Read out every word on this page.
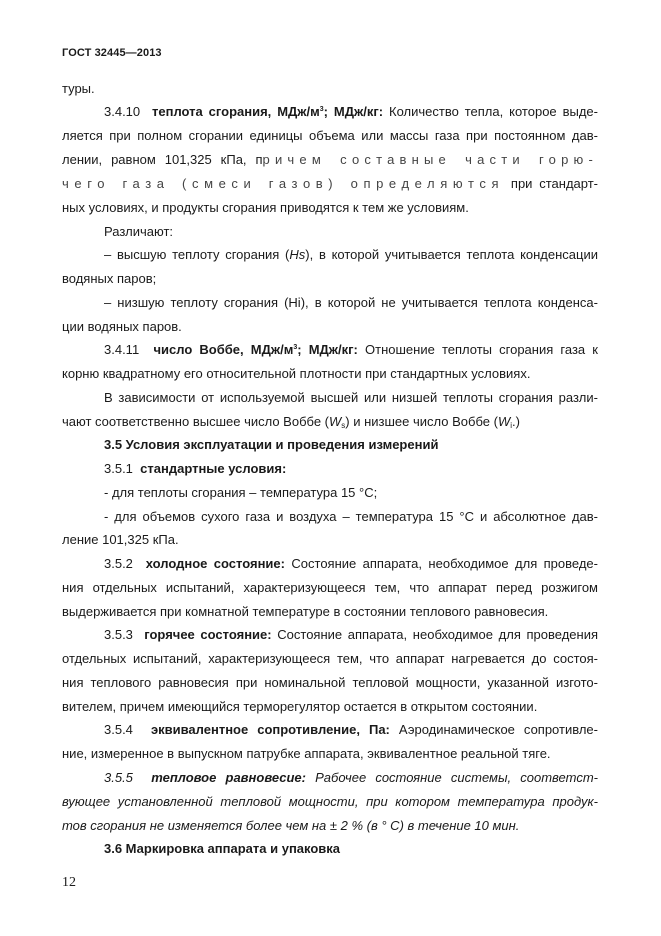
ГОСТ 32445—2013
туры.
3.4.10 теплота сгорания, МДж/$м^3$; МДж/кг: Количество тепла, которое выде-
ляется при полном сгорании единицы объема или массы газа при постоянном дав-
лении, равном 101,325 кПа, причем составные части горю-
чего газа (смеси газов) определяются при стандарт-
ных условиях, и продукты сгорания приводятся к тем же условиям.
Различают:
– высшую теплоту сгорания (Hs), в которой учитывается теплота конденсации
водяных паров;
– низшую теплоту сгорания (Hi), в которой не учитывается теплота конденса-
ции водяных паров.
3.4.11 число Воббе, МДж/$м^3$; МДж/кг: Отношение теплоты сгорания газа к
корню квадратному его относительной плотности при стандартных условиях.
В зависимости от используемой высшей или низшей теплоты сгорания разли-
чают соответственно высшее число Воббе $(W_s)$ и низшее число Воббе $(W_i.)$
3.5 Условия эксплуатации и проведения измерений
3.5.1 стандартные условия:
- для теплоты сгорания – температура 15 °С;
- для объемов сухого газа и воздуха – температура 15 °С и абсолютное дав-
ление 101,325 кПа.
3.5.2 холодное состояние: Состояние аппарата, необходимое для проведе-
ния отдельных испытаний, характеризующееся тем, что аппарат перед розжигом
выдерживается при комнатной температуре в состоянии теплового равновесия.
3.5.3 горячее состояние: Состояние аппарата, необходимое для проведения
отдельных испытаний, характеризующееся тем, что аппарат нагревается до состоя-
ния теплового равновесия при номинальной тепловой мощности, указанной изгото-
вителем, причем имеющийся терморегулятор остается в открытом состоянии.
3.5.4 эквивалентное сопротивление, Па: Аэродинамическое сопротивле-
ние, измеренное в выпускном патрубке аппарата, эквивалентное реальной тяге.
3.5.5 тепловое равновесие: Рабочее состояние системы, соответст-
вующее установленной тепловой мощности, при котором температура продук-
тов сгорания не изменяется более чем на ± 2 % (в ° С) в течение 10 мин.
3.6 Маркировка аппарата и упаковка
12
